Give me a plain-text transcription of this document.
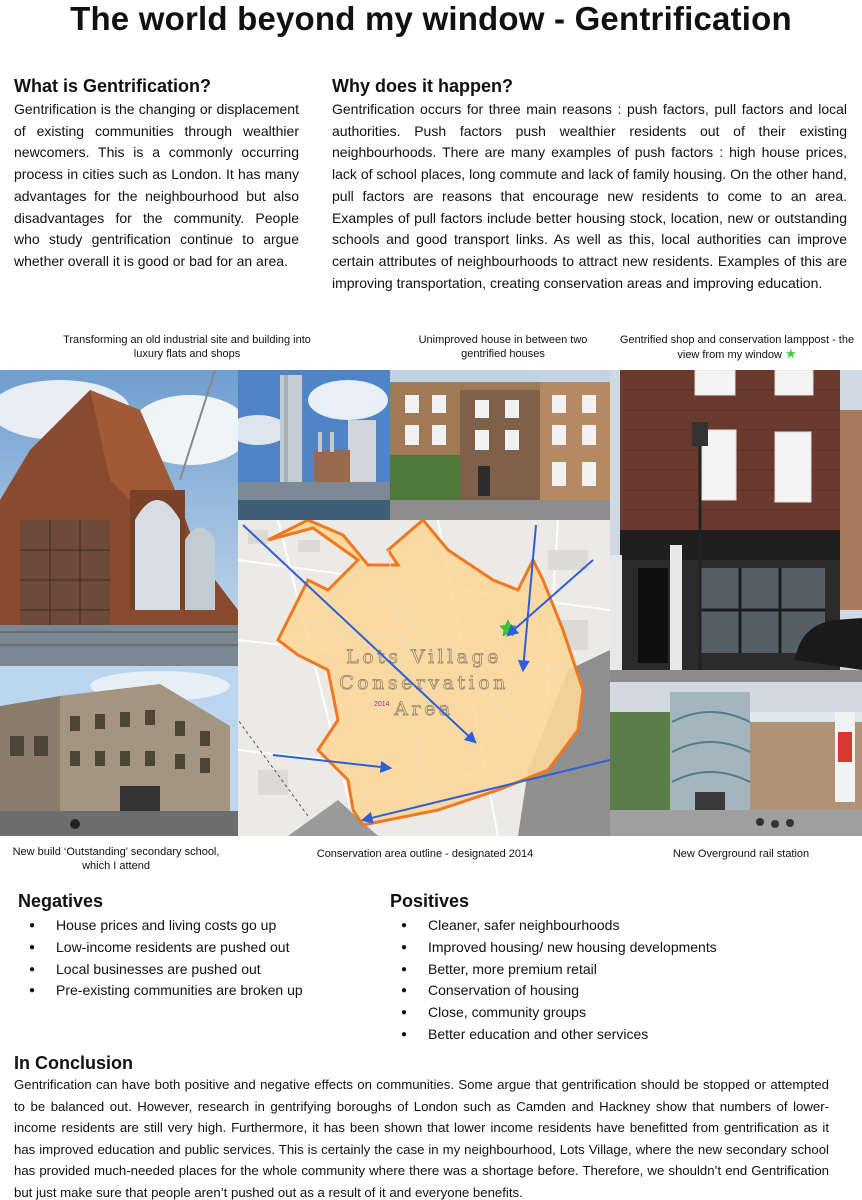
The world beyond my window - Gentrification
What is Gentrification?
Gentrification is the changing or displacement of existing communities through wealthier newcomers. This is a commonly occurring process in cities such as London. It has many advantages for the neighbourhood but also disadvantages for the community. People who study gentrification continue to argue whether overall it is good or bad for an area.
Why does it happen?
Gentrification occurs for three main reasons : push factors, pull factors and local authorities. Push factors push wealthier residents out of their existing neighbourhoods. There are many examples of push factors : high house prices, lack of school places, long commute and lack of family housing. On the other hand, pull factors are reasons that encourage new residents to come to an area. Examples of pull factors include better housing stock, location, new or outstanding schools and good transport links. As well as this, local authorities can improve certain attributes of neighbourhoods to attract new residents. Examples of this are improving transportation, creating conservation areas and improving education.
Transforming an old industrial site and building into luxury flats and shops
Unimproved house in between two gentrified houses
Gentrified shop and conservation lamppost - the view from my window ★
Lots Village
Conservation
Area
2014
New build ‘Outstanding’ secondary school, which I attend
Conservation area outline - designated 2014	New Overground rail station
Negatives
● House prices and living costs go up
● Low-income residents are pushed out
● Local businesses are pushed out
● Pre-existing communities are broken up
Positives
● Cleaner, safer neighbourhoods
● Improved housing/ new housing developments
● Better, more premium retail
● Conservation of housing
● Close, community groups
● Better education and other services
In Conclusion
Gentrification can have both positive and negative effects on communities. Some argue that gentrification should be stopped or attempted to be balanced out. However, research in gentrifying boroughs of London such as Camden and Hackney show that numbers of lower-income residents are still very high. Furthermore, it has been shown that lower income residents have benefitted from gentrification as it has improved education and public services. This is certainly the case in my neighbourhood, Lots Village, where the new secondary school has provided much-needed places for the whole community where there was a shortage before. Therefore, we shouldn’t end Gentrification but just make sure that people aren’t pushed out as a result of it and everyone benefits.
